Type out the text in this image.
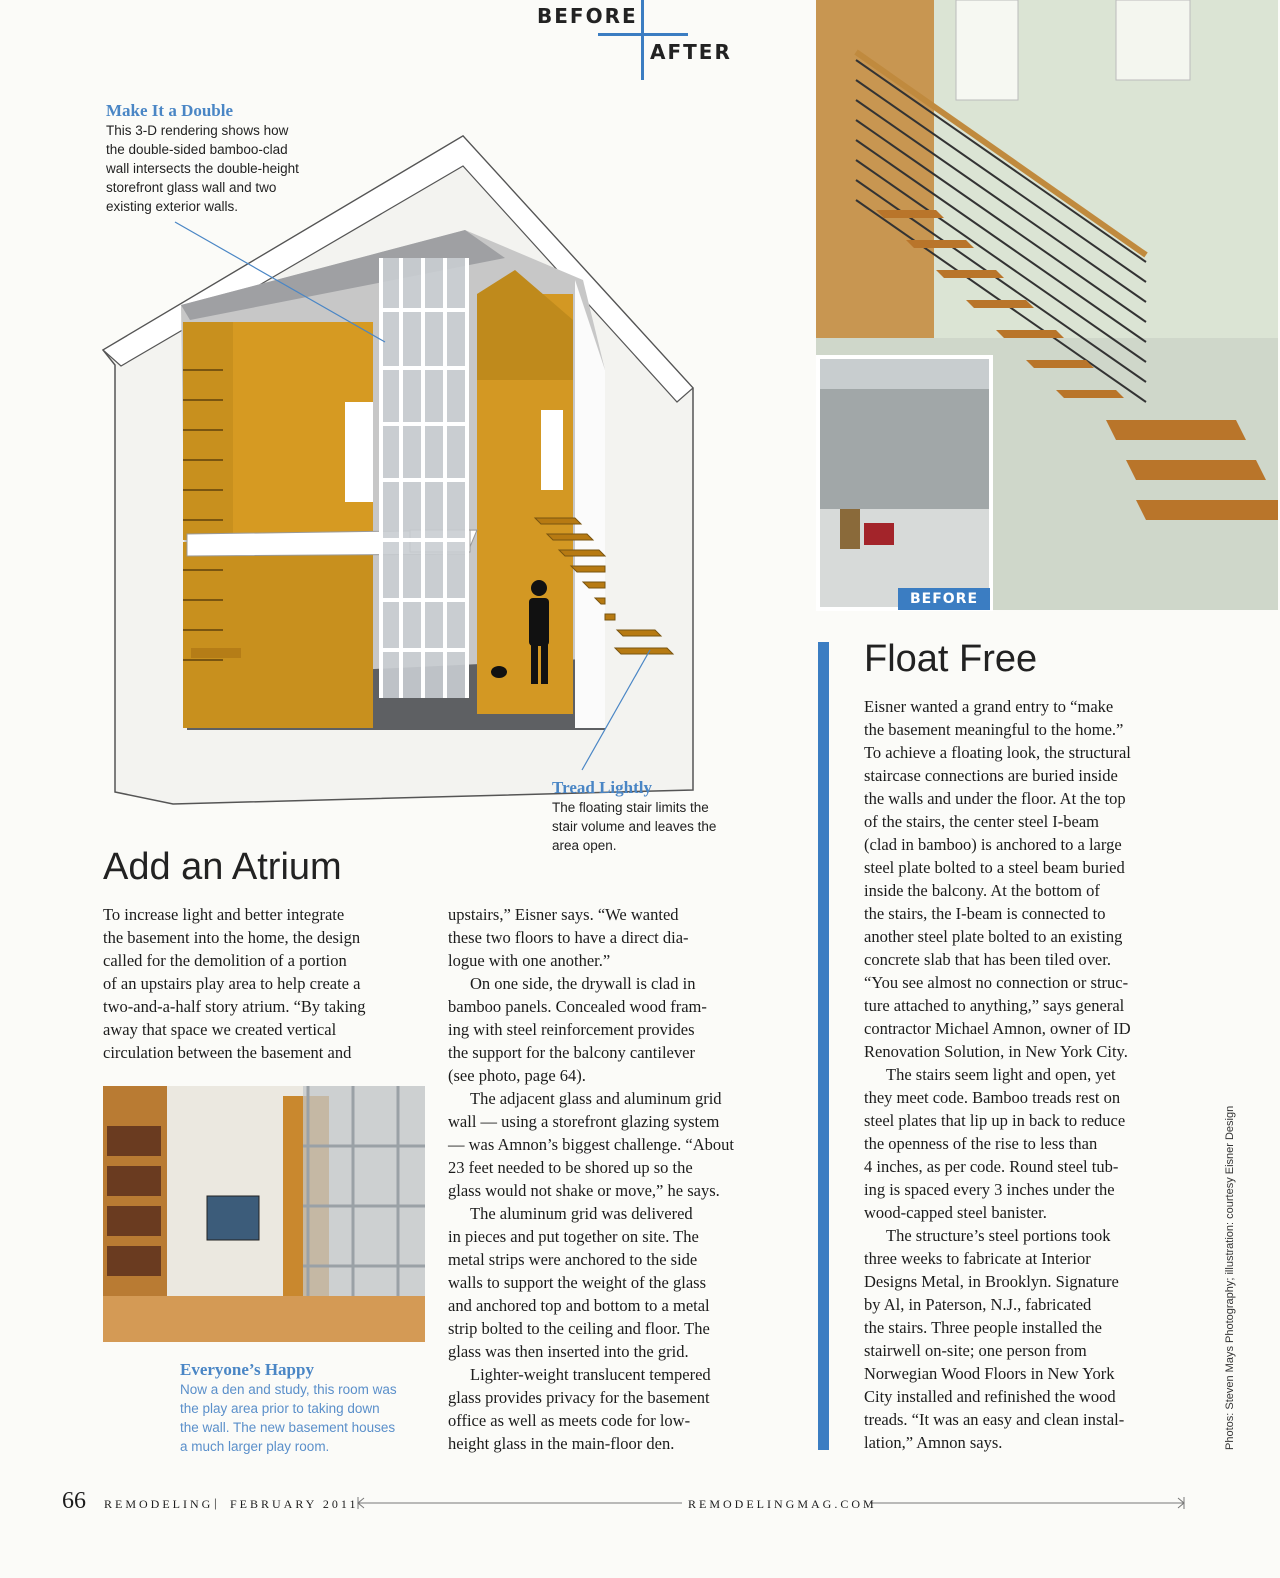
BEFORE
AFTER
Make It a Double
This 3-D rendering shows how
the double-sided bamboo-clad
wall intersects the double-height
storefront glass wall and two
existing exterior walls.
Tread Lightly
The floating stair limits the
stair volume and leaves the
area open.
BEFORE
Float Free

Eisner wanted a grand entry to “make
the basement meaningful to the home.”
To achieve a floating look, the structural
staircase connections are buried inside
the walls and under the floor. At the top
of the stairs, the center steel I-beam
(clad in bamboo) is anchored to a large
steel plate bolted to a steel beam buried
inside the balcony. At the bottom of
the stairs, the I-beam is connected to
another steel plate bolted to an existing
concrete slab that has been tiled over.
“You see almost no connection or struc-
ture attached to anything,” says general
contractor Michael Amnon, owner of ID
Renovation Solution, in New York City.

The stairs seem light and open, yet
they meet code. Bamboo treads rest on
steel plates that lip up in back to reduce
the openness of the rise to less than
4 inches, as per code. Round steel tub-
ing is spaced every 3 inches under the
wood-capped steel banister.

The structure’s steel portions took
three weeks to fabricate at Interior
Designs Metal, in Brooklyn. Signature
by Al, in Paterson, N.J., fabricated
the stairs. Three people installed the
stairwell on-site; one person from
Norwegian Wood Floors in New York
City installed and refinished the wood
treads. “It was an easy and clean instal-
lation,” Amnon says.

Add an Atrium

To increase light and better integrate
the basement into the home, the design
called for the demolition of a portion
of an upstairs play area to help create a
two-and-a-half story atrium. “By taking
away that space we created vertical
circulation between the basement and

upstairs,” Eisner says. “We wanted
these two floors to have a direct dia-
logue with one another.”

On one side, the drywall is clad in
bamboo panels. Concealed wood fram-
ing with steel reinforcement provides
the support for the balcony cantilever
(see photo, page 64).

The adjacent glass and aluminum grid
wall — using a storefront glazing system
— was Amnon’s biggest challenge. “About
23 feet needed to be shored up so the
glass would not shake or move,” he says.

The aluminum grid was delivered
in pieces and put together on site. The
metal strips were anchored to the side
walls to support the weight of the glass
and anchored top and bottom to a metal
strip bolted to the ceiling and floor. The
glass was then inserted into the grid.

Lighter-weight translucent tempered
glass provides privacy for the basement
office as well as meets code for low-
height glass in the main-floor den.

Everyone’s Happy
Now a den and study, this room was
the play area prior to taking down
the wall. The new basement houses
a much larger play room.	Photos: Steven Mays Photography; illustration: courtesy Eisner Design
66 REMODELING | FEBRUARY 2011	REMODELINGMAG.COM
